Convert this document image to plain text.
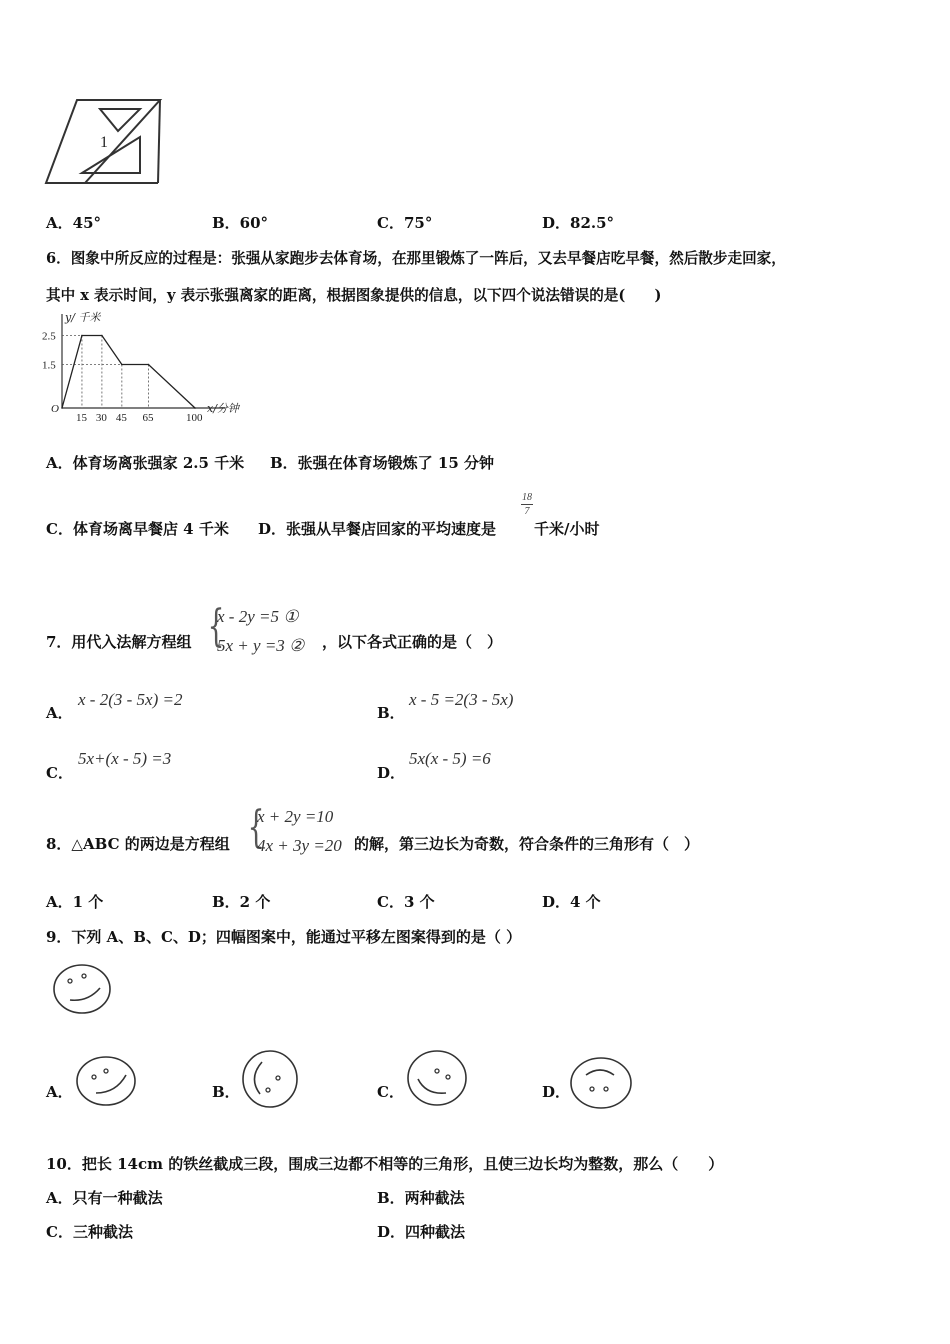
1
A．45°	B．60°	C．75°	D．82.5°
6．图象中所反应的过程是：张强从家跑步去体育场，在那里锻炼了一阵后，又去早餐店吃早餐，然后散步走回家，
其中 x 表示时间，y 表示张强离家的距离，根据图象提供的信息，以下四个说法错误的是(　　)
y/ 千米
x/分钟
O
2.5
1.5
15 30 45 65	100
A．体育场离张强家 2.5 千米 B．张强在体育场锻炼了 15 分钟
C．体育场离早餐店 4 千米 D．张强从早餐店回家的平均速度是
18
7
千米/小时
7．用代入法解方程组 {
x - 2y =5 ①
5x + y =3 ② ，以下各式正确的是（　）
A．
x - 2(3 - 5x) =2
B．
x - 5 =2(3 - 5x)
C．
5x+(x - 5) =3
D．
5x(x - 5) =6
8．△ABC 的两边是方程组 {
x + 2y =10
4x + 3y =20 的解，第三边长为奇数，符合条件的三角形有（　）
A．1 个	B．2 个	C．3 个	D．4 个
9．下列 A、B、C、D；四幅图案中，能通过平移左图案得到的是（ ）
A．	B．	C．	D．
10．把长 14cm 的铁丝截成三段，围成三边都不相等的三角形，且使三边长均为整数，那么（　　）
A．只有一种截法	B．两种截法
C．三种截法	D．四种截法
